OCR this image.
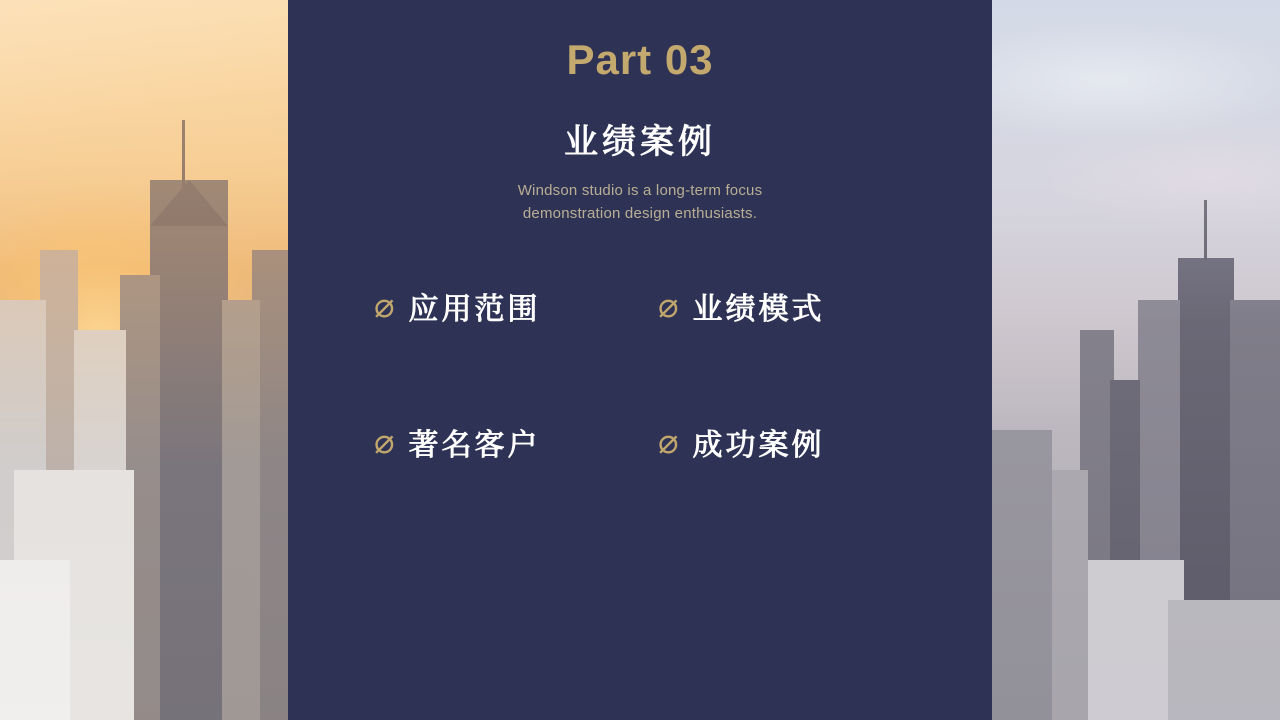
Part 03
业绩案例
Windson studio is a long-term focus
demonstration design enthusiasts.
⌀ 应用范围	⌀ 业绩模式
⌀ 著名客户	⌀ 成功案例
